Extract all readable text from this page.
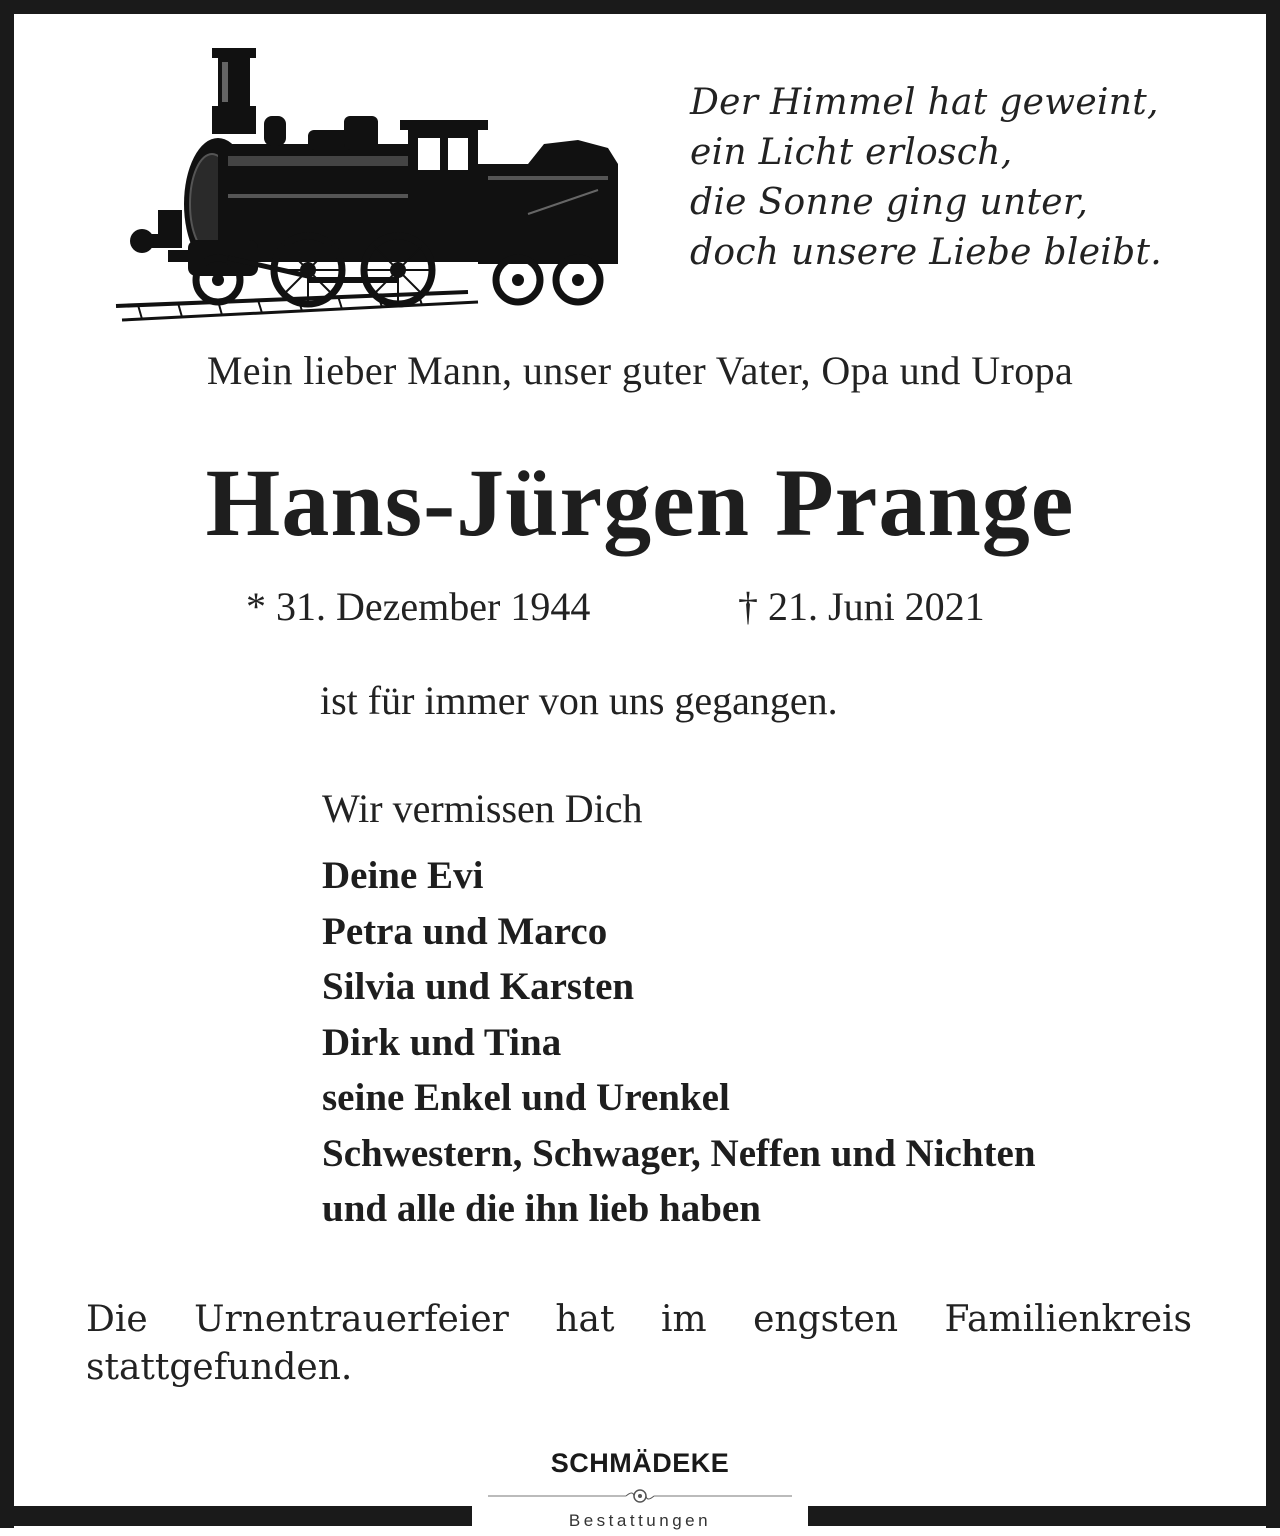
Der Himmel hat geweint,
ein Licht erlosch,
die Sonne ging unter,
doch unsere Liebe bleibt.
Mein lieber Mann, unser guter Vater, Opa und Uropa
Hans-Jürgen Prange
* 31. Dezember 1944	† 21. Juni 2021
ist für immer von uns gegangen.
Wir vermissen Dich
Deine Evi
Petra und Marco
Silvia und Karsten
Dirk und Tina
seine Enkel und Urenkel
Schwestern, Schwager, Neffen und Nichten
und alle die ihn lieb haben
Die Urnentrauerfeier hat im engsten Familienkreis stattgefunden.
SCHMÄDEKE
Bestattungen
